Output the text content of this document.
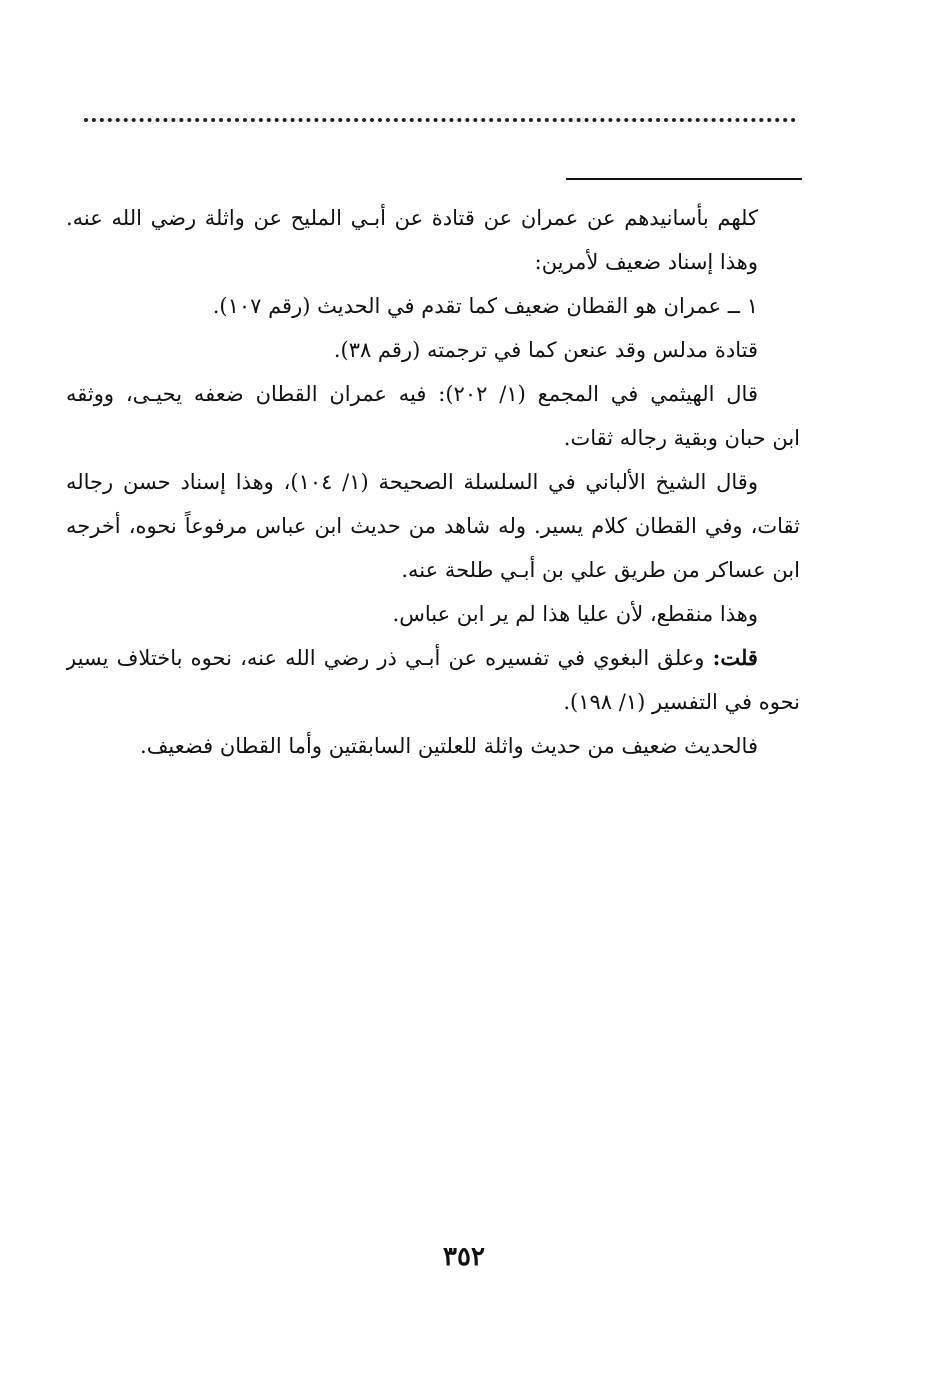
كلهم بأسانيدهم عن عمران عن قتادة عن أبـي المليح عن واثلة رضي الله عنه.
وهذا إسناد ضعيف لأمرين:
١ ــ عمران هو القطان ضعيف كما تقدم في الحديث (رقم ١٠٧).
قتادة مدلس وقد عنعن كما في ترجمته (رقم ٣٨).
قال الهيثمي في المجمع (١/ ٢٠٢): فيه عمران القطان ضعفه يحيـى، ووثقه
ابن حبان وبقية رجاله ثقات.
وقال الشيخ الألباني في السلسلة الصحيحة (١/ ١٠٤)، وهذا إسناد حسن رجاله
ثقات، وفي القطان كلام يسير. وله شاهد من حديث ابن عباس مرفوعاً نحوه، أخرجه
ابن عساكر من طريق علي بن أبـي طلحة عنه.
وهذا منقطع، لأن عليا هذا لم ير ابن عباس.
قلت: وعلق البغوي في تفسيره عن أبـي ذر رضي الله عنه، نحوه باختلاف يسير
نحوه في التفسير (١/ ١٩٨).
فالحديث ضعيف من حديث واثلة للعلتين السابقتين وأما القطان فضعيف.
٣٥٢
